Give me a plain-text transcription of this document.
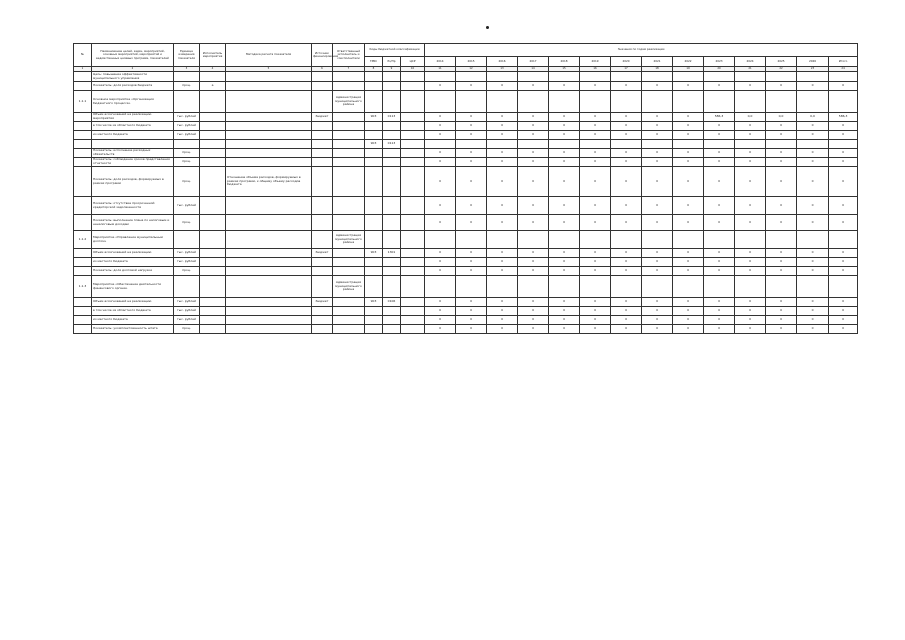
№	Наименование целей, задач, мероприятий, основных мероприятий, мероприятий и ведомственных целевых программ, показателей	Единица измерения показателя	Исполнитель мероприятия	Методика расчета показателя	Источник финансирования	Ответственный исполнитель и соисполнители	Коды бюджетной классификации			Значения по годам реализации													
							ГРБС	Рз/Пр	ЦСР	2014	2015	2016	2017	2018	2019	2020	2021	2022	2023	2024	2025	2026	Итого
1	2	3	4	5	6	7	8	9	10	11	12	13	14	15	16	17	18	19	20	21	22	23	24
	Цель: повышение эффективности муниципального управления																						
	Показатель: доля расходов бюджета	проц.	а							0	0	0	0	0	0	0	0	0	0	0	0	0	0
1.1.1	Основное мероприятие «Организация бюджетного процесса»					Администрация муниципального района																	
	Объем ассигнований на реализацию мероприятия	тыс. рублей			бюджет		903	0113		0	0	0	0	0	0	0	0	0	586,3	0,0	0,0	0,0	586,3
	в том числе из областного бюджета	тыс. рублей								0	0	0	0	0	0	0	0	0	0	0	0	0	0
	из местного бюджета	тыс. рублей								0	0	0	0	0	0	0	0	0	0	0	0	0	0
							903	0113															
	Показатель: исполнение расходных обязательств	проц.								0	0	0	0	0	0	0	0	0	0	0	0	0	0
	Показатель: соблюдение сроков представления отчетности	проц.								0	0	0	0	0	0	0	0	0	0	0	0	0	0
	Показатель: доля расходов, формируемых в рамках программ	проц.		Отношение объема расходов, формируемых в рамках программ, к общему объему расходов бюджета						0	0	0	0	0	0	0	0	0	0	0	0	0	0
	Показатель: отсутствие просроченной кредиторской задолженности	тыс. рублей								0	0	0	0	0	0	0	0	0	0	0	0	0	0
	Показатель: выполнение плана по налоговым и неналоговым доходам	проц.								0	0	0	0	0	0	0	0	0	0	0	0	0	0
1.1.2	Мероприятие «Управление муниципальным долгом»					Администрация муниципального района																	
	Объем ассигнований на реализацию	тыс. рублей			бюджет		903	1301		0	0	0	0	0	0	0	0	0	0	0	0	0	0
	из местного бюджета	тыс. рублей								0	0	0	0	0	0	0	0	0	0	0	0	0	0
	Показатель: доля долговой нагрузки	проц.								0	0	0	0	0	0	0	0	0	0	0	0	0	0
1.1.3	Мероприятие «Обеспечение деятельности финансового органа»					Администрация муниципального района																	
	Объем ассигнований на реализацию	тыс. рублей			бюджет		903	0106		0	0	0	0	0	0	0	0	0	0	0	0	0	0
	в том числе из областного бюджета	тыс. рублей								0	0	0	0	0	0	0	0	0	0	0	0	0	0
	из местного бюджета	тыс. рублей								0	0	0	0	0	0	0	0	0	0	0	0	0	0
	Показатель: укомплектованность штата	проц.								0	0	0	0	0	0	0	0	0	0	0	0	0	0
